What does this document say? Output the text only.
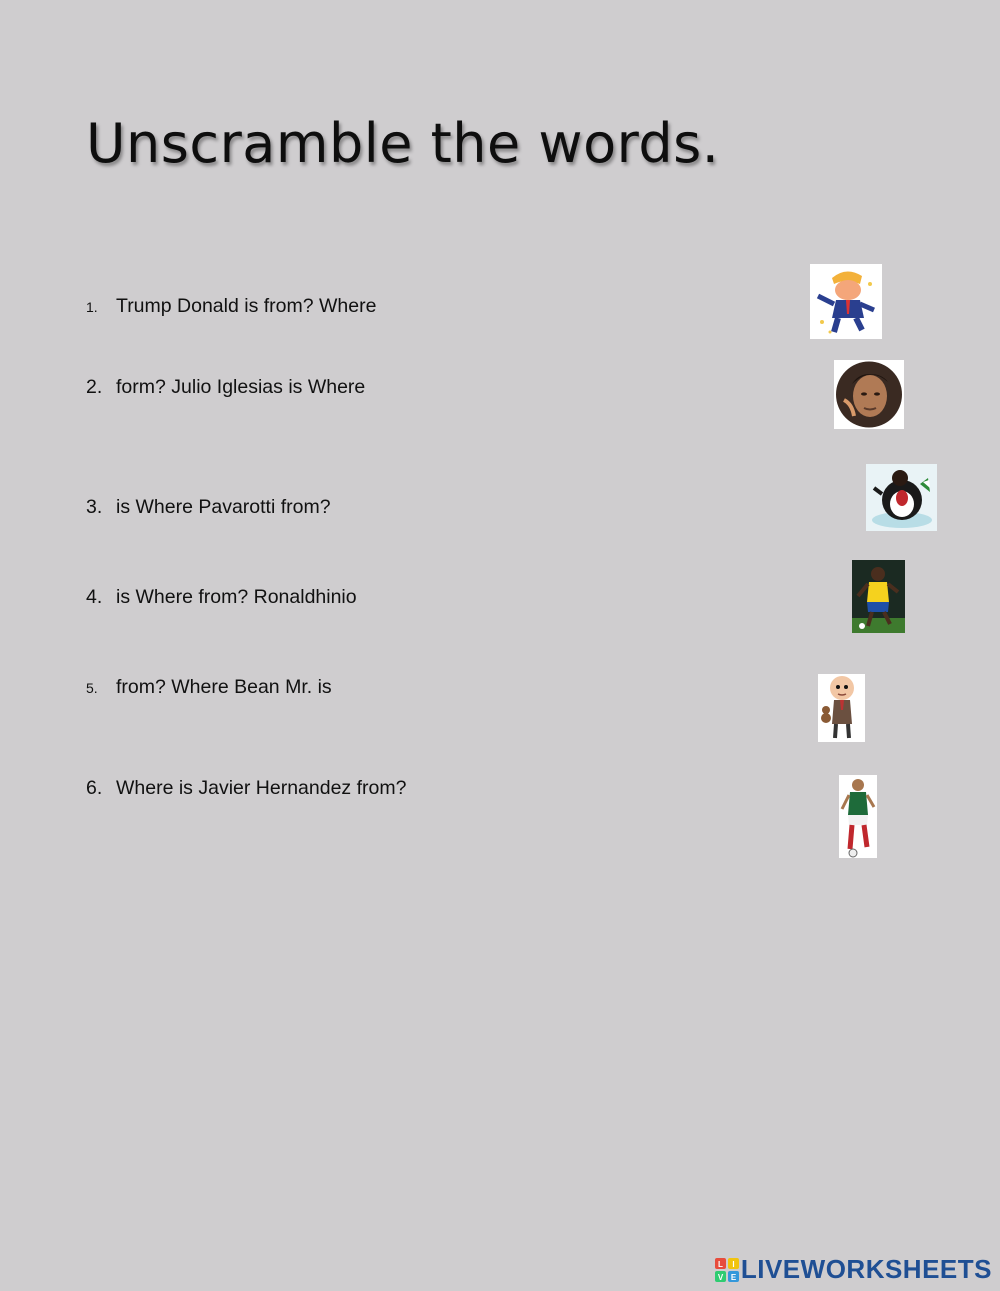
Unscramble the words.
1. Trump Donald is from? Where
2. form? Julio Iglesias is Where
3. is Where Pavarotti from?
4. is Where from? Ronaldhinio
5. from? Where Bean Mr. is
6. Where is Javier Hernandez from?
L I
V E LIVEWORKSHEETS
